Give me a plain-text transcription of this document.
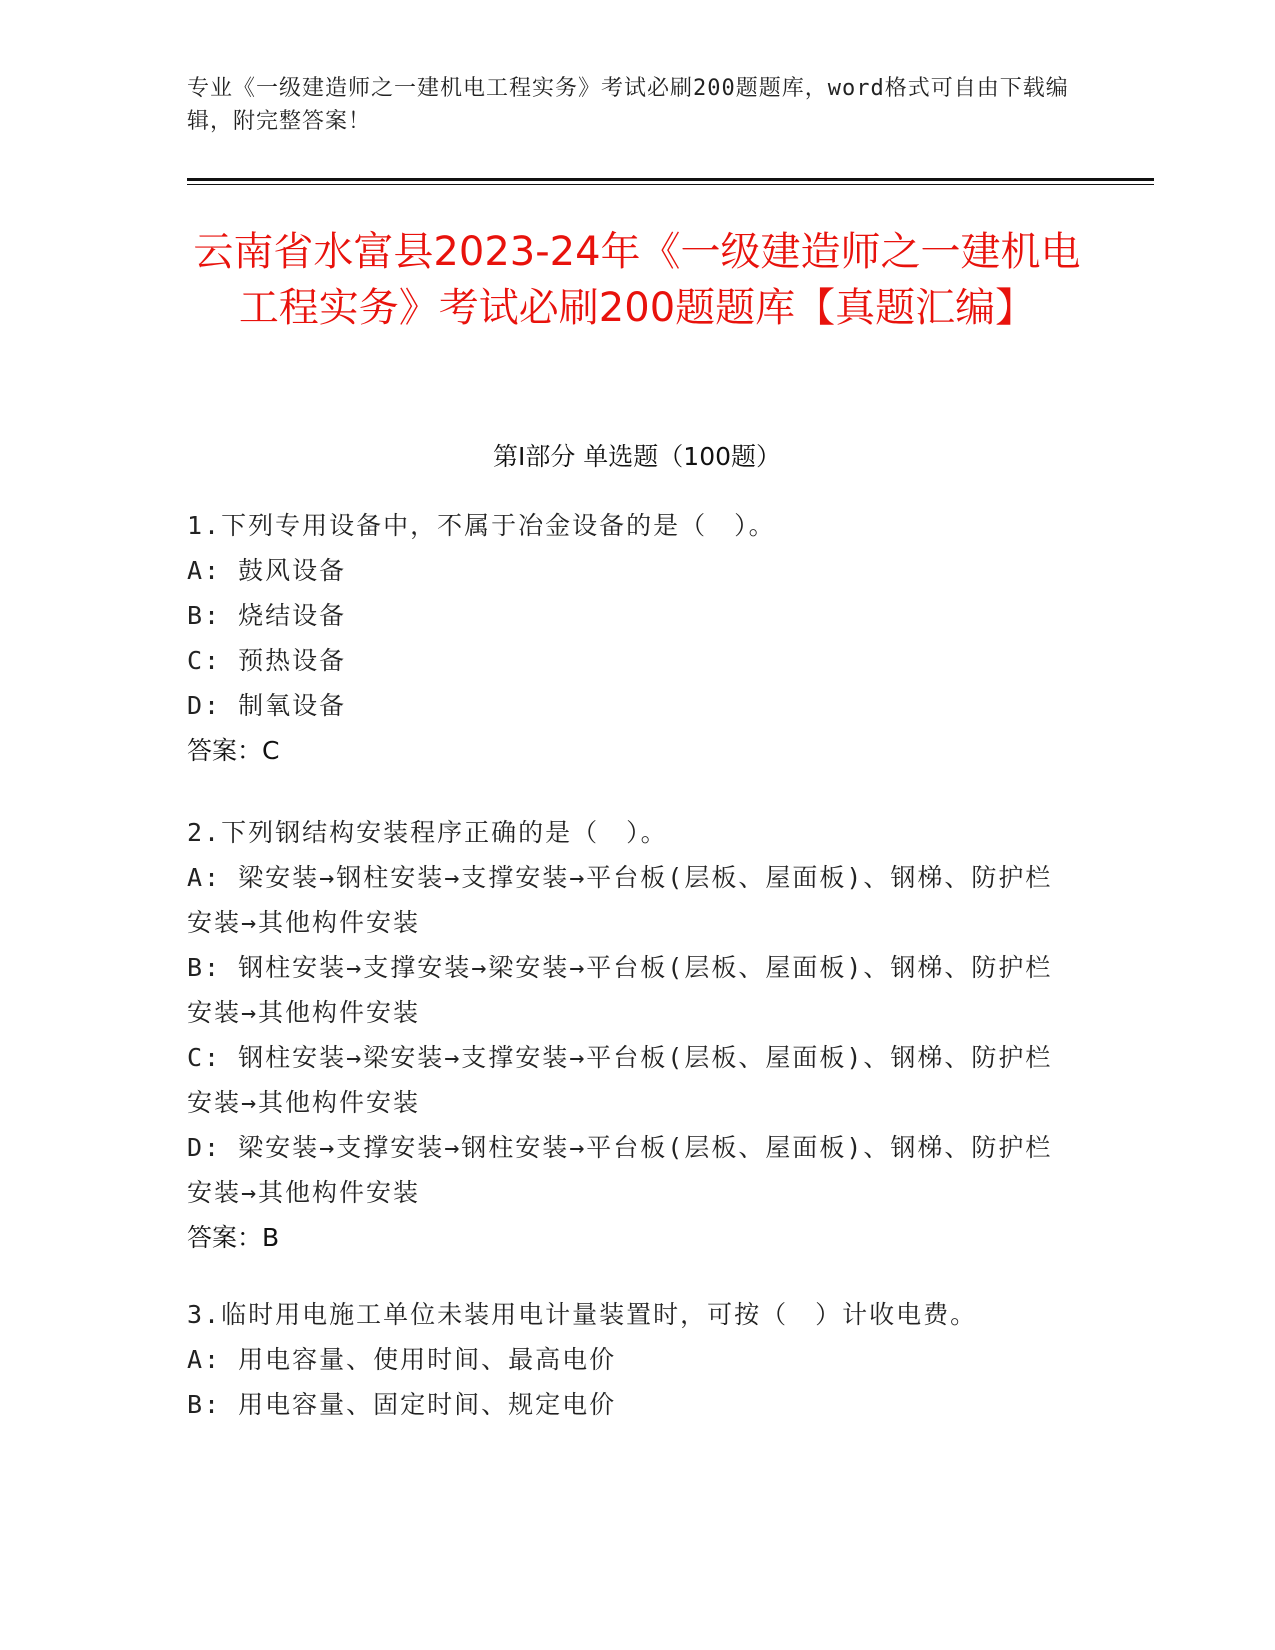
专业《一级建造师之一建机电工程实务》考试必刷200题题库，word格式可自由下载编辑，附完整答案！
云南省水富县2023-24年《一级建造师之一建机电工程实务》考试必刷200题题库【真题汇编】
第Ⅰ部分 单选题（100题）

1.下列专用设备中，不属于冶金设备的是（　）。

A: 鼓风设备

B: 烧结设备

C: 预热设备

D: 制氧设备

答案：C

2.下列钢结构安装程序正确的是（　）。

A: 梁安装→钢柱安装→支撑安装→平台板(层板、屋面板)、钢梯、防护栏安装→其他构件安装

B: 钢柱安装→支撑安装→梁安装→平台板(层板、屋面板)、钢梯、防护栏安装→其他构件安装

C: 钢柱安装→梁安装→支撑安装→平台板(层板、屋面板)、钢梯、防护栏安装→其他构件安装

D: 梁安装→支撑安装→钢柱安装→平台板(层板、屋面板)、钢梯、防护栏安装→其他构件安装

答案：B

3.临时用电施工单位未装用电计量装置时，可按（　）计收电费。

A: 用电容量、使用时间、最高电价

B: 用电容量、固定时间、规定电价
